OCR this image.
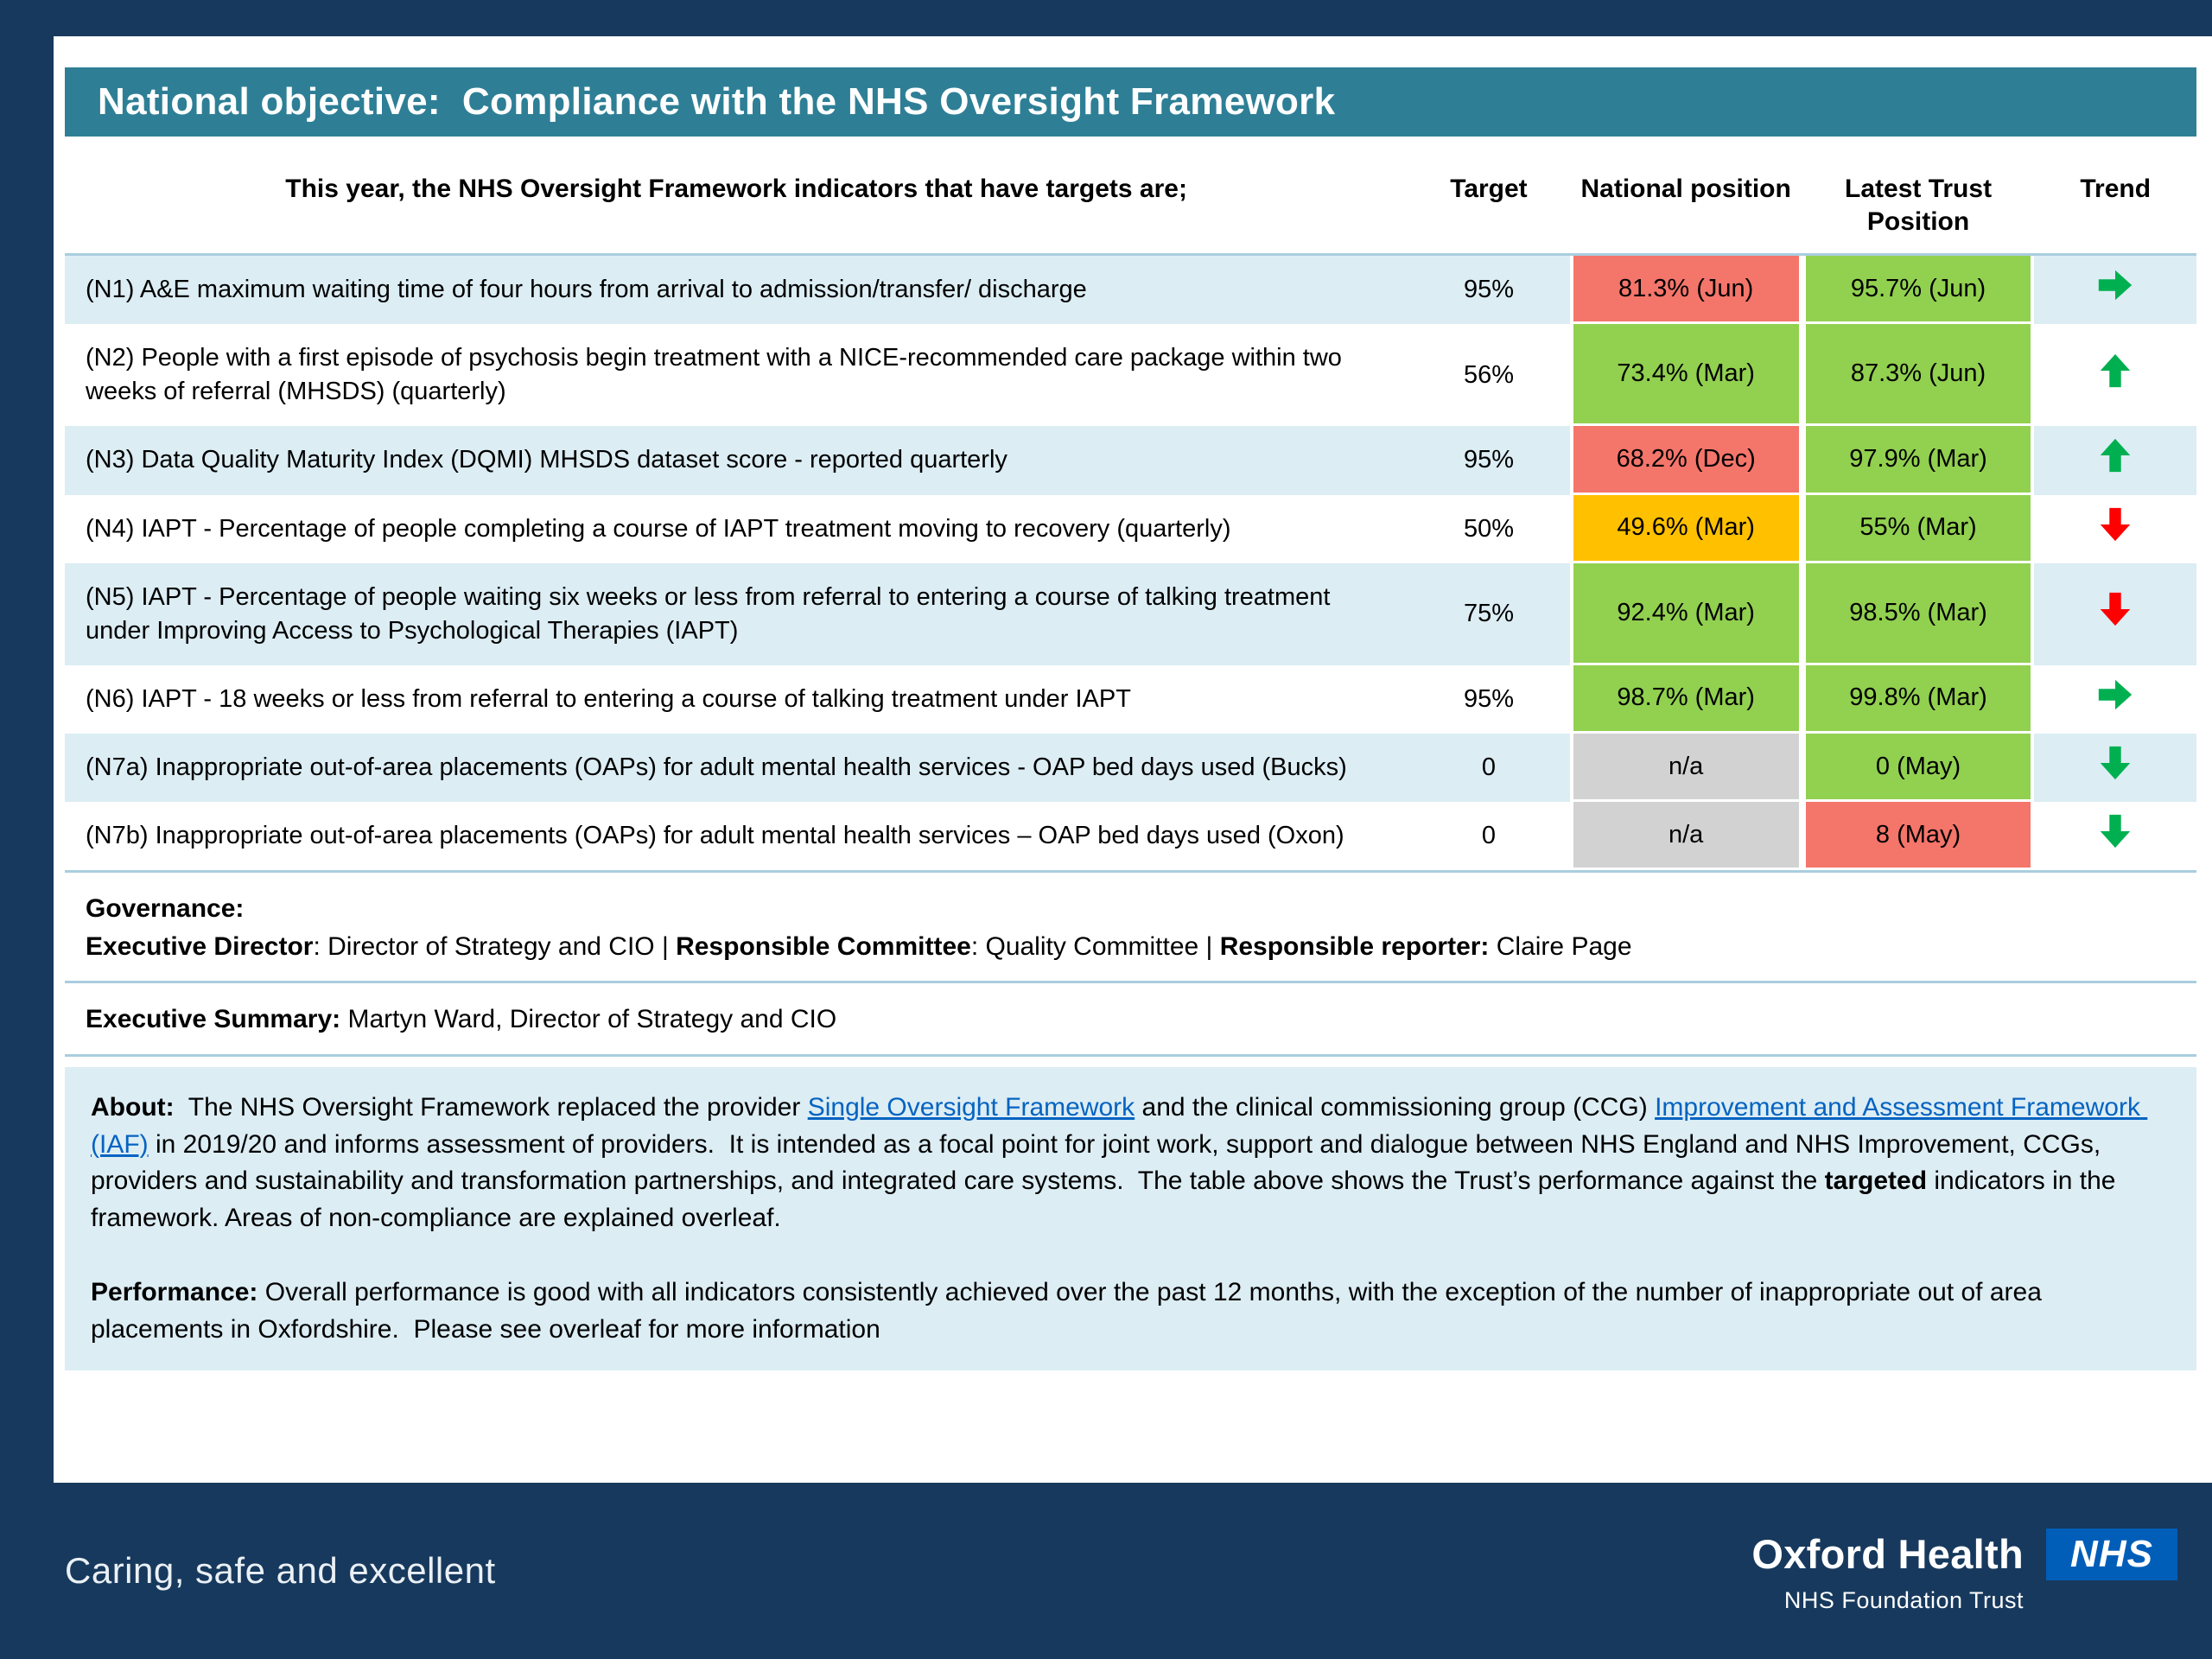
National objective:  Compliance with the NHS Oversight Framework
This year, the NHS Oversight Framework indicators that have targets are;	Target	National position	Latest Trust Position	Trend
(N1) A&E maximum waiting time of four hours from arrival to admission/transfer/ discharge	95%	81.3% (Jun)	95.7% (Jun)	
(N2) People with a first episode of psychosis begin treatment with a NICE-recommended care package within two weeks of referral (MHSDS) (quarterly)	56%	73.4% (Mar)	87.3% (Jun)	
(N3) Data Quality Maturity Index (DQMI) MHSDS dataset score - reported quarterly	95%	68.2% (Dec)	97.9% (Mar)	
(N4) IAPT - Percentage of people completing a course of IAPT treatment moving to recovery (quarterly)	50%	49.6% (Mar)	55% (Mar)	
(N5) IAPT - Percentage of people waiting six weeks or less from referral to entering a course of talking treatment under Improving Access to Psychological Therapies (IAPT)	75%	92.4% (Mar)	98.5% (Mar)	
(N6) IAPT - 18 weeks or less from referral to entering a course of talking treatment under IAPT	95%	98.7% (Mar)	99.8% (Mar)	
(N7a) Inappropriate out-of-area placements (OAPs) for adult mental health services - OAP bed days used (Bucks)	0	n/a	0 (May)	
(N7b) Inappropriate out-of-area placements (OAPs) for adult mental health services – OAP bed days used (Oxon)	0	n/a	8 (May)	
Governance:
Executive Director: Director of Strategy and CIO | Responsible Committee: Quality Committee | Responsible reporter: Claire Page
Executive Summary: Martyn Ward, Director of Strategy and CIO

About:  The NHS Oversight Framework replaced the provider Single Oversight Framework and the clinical commissioning group (CCG) Improvement and Assessment Framework (IAF) in 2019/20 and informs assessment of providers.  It is intended as a focal point for joint work, support and dialogue between NHS England and NHS Improvement, CCGs, providers and sustainability and transformation partnerships, and integrated care systems.  The table above shows the Trust’s performance against the targeted indicators in the framework. Areas of non-compliance are explained overleaf.

Performance: Overall performance is good with all indicators consistently achieved over the past 12 months, with the exception of the number of inappropriate out of area placements in Oxfordshire.  Please see overleaf for more information

Caring, safe and excellent	Oxford Health NHS
NHS Foundation Trust
